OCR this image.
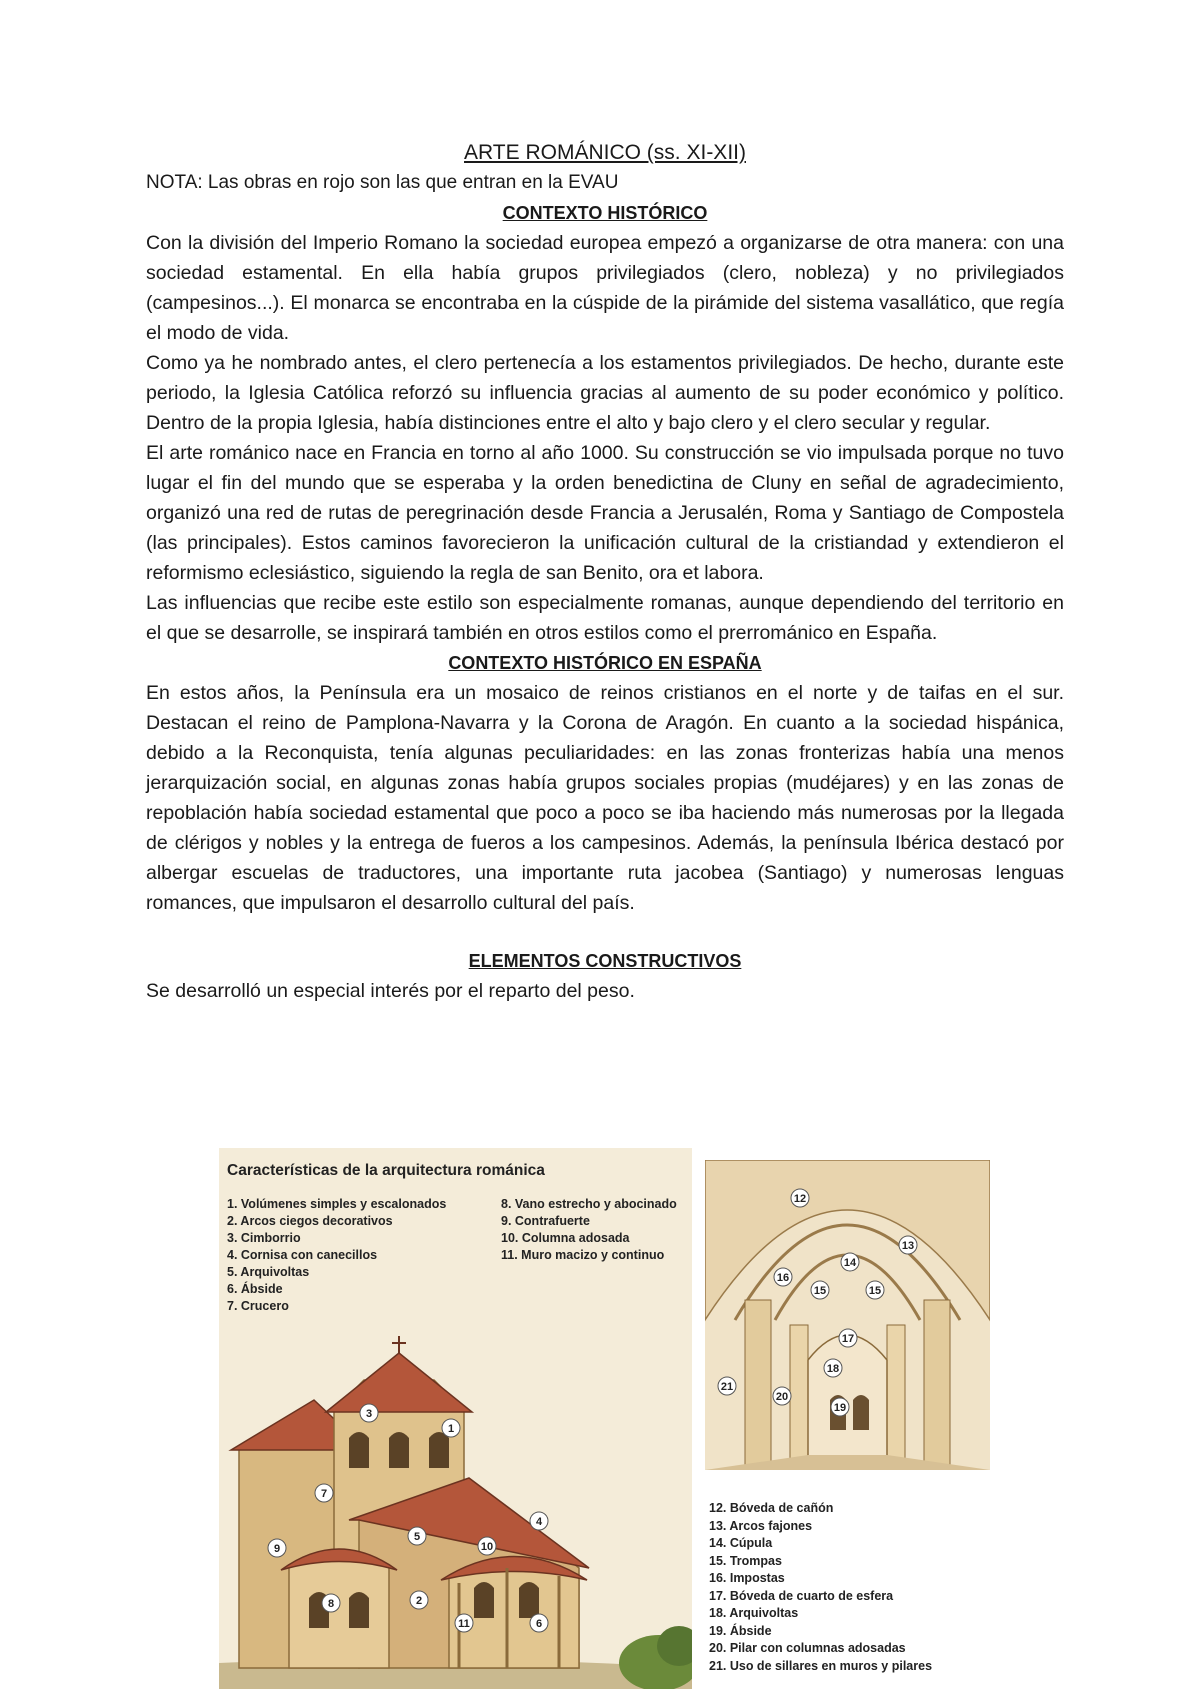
ARTE ROMÁNICO (ss. XI-XII)

NOTA: Las obras en rojo son las que entran en la EVAU

CONTEXTO HISTÓRICO

Con la división del Imperio Romano la sociedad europea empezó a organizarse de otra manera: con una sociedad estamental. En ella había grupos privilegiados (clero, nobleza) y no privilegiados (campesinos...). El monarca se encontraba en la cúspide de la pirámide del sistema vasallático, que regía el modo de vida.

Como ya he nombrado antes, el clero pertenecía a los estamentos privilegiados. De hecho, durante este periodo, la Iglesia Católica reforzó su influencia gracias al aumento de su poder económico y político. Dentro de la propia Iglesia, había distinciones entre el alto y bajo clero y el clero secular y regular.

El arte románico nace en Francia en torno al año 1000. Su construcción se vio impulsada porque no tuvo lugar el fin del mundo que se esperaba y la orden benedictina de Cluny en señal de agradecimiento, organizó una red de rutas de peregrinación desde Francia a Jerusalén, Roma y Santiago de Compostela (las principales). Estos caminos favorecieron la unificación cultural de la cristiandad y extendieron el reformismo eclesiástico, siguiendo la regla de san Benito, ora et labora.

Las influencias que recibe este estilo son especialmente romanas, aunque dependiendo del territorio en el que se desarrolle, se inspirará también en otros estilos como el prerrománico en España.

CONTEXTO HISTÓRICO EN ESPAÑA

En estos años, la Península era un mosaico de reinos cristianos en el norte y de taifas en el sur. Destacan el reino de Pamplona-Navarra y la Corona de Aragón. En cuanto a la sociedad hispánica, debido a la Reconquista, tenía algunas peculiaridades: en las zonas fronterizas había una menos jerarquización social, en algunas zonas había grupos sociales propias (mudéjares) y en las zonas de repoblación había sociedad estamental que poco a poco se iba haciendo más numerosas por la llegada de clérigos y nobles y la entrega de fueros a los campesinos. Además, la península Ibérica destacó por albergar escuelas de traductores, una importante ruta jacobea (Santiago) y numerosas lenguas romances, que impulsaron el desarrollo cultural del país.

ELEMENTOS CONSTRUCTIVOS

Se desarrolló un especial interés por el reparto del peso.

Características de la arquitectura románica
1. Volúmenes simples y escalonados
2. Arcos ciegos decorativos
3. Cimborrio
4. Cornisa con canecillos
5. Arquivoltas
6. Ábside
7. Crucero
8. Vano estrecho y abocinado
9. Contrafuerte
10. Columna adosada
11. Muro macizo y continuo
3
1
7
5
4
9	10
8
11	6
2
12
13
14
15	15
16
17
18
19
20
21
12. Bóveda de cañón
13. Arcos fajones
14. Cúpula
15. Trompas
16. Impostas
17. Bóveda de cuarto de esfera
18. Arquivoltas
19. Ábside
20. Pilar con columnas adosadas
21. Uso de sillares en muros y pilares
